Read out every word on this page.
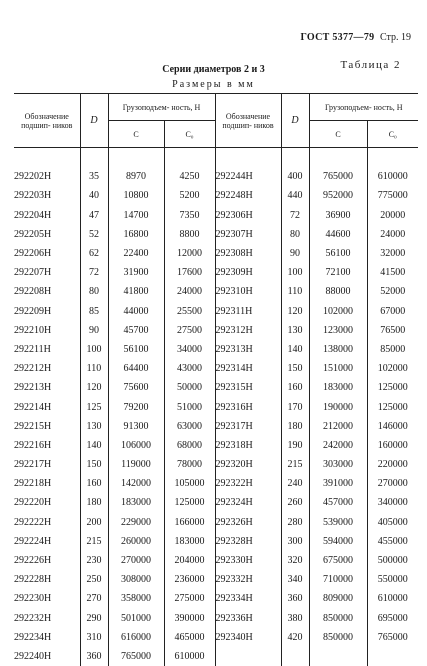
ГОСТ 5377—79 Стр. 19
Таблица 2
Серии диаметров 2 и 3
Размеры в мм
Обозначение подшип- ников	D	Грузоподъем- ность, Н		Обозначение подшип- ников	D	Грузоподъем- ность, Н	
		C	C₀			C	C₀

292202Н	35	8970	4250	292244Н	400	765000	610000
292203Н	40	10800	5200	292248Н	440	952000	775000
292204Н	47	14700	7350	292306Н	72	36900	20000
292205Н	52	16800	8800	292307Н	80	44600	24000
292206Н	62	22400	12000	292308Н	90	56100	32000
292207Н	72	31900	17600	292309Н	100	72100	41500
292208Н	80	41800	24000	292310Н	110	88000	52000
292209Н	85	44000	25500	292311Н	120	102000	67000
292210Н	90	45700	27500	292312Н	130	123000	76500
292211Н	100	56100	34000	292313Н	140	138000	85000
292212Н	110	64400	43000	292314Н	150	151000	102000
292213Н	120	75600	50000	292315Н	160	183000	125000
292214Н	125	79200	51000	292316Н	170	190000	125000
292215Н	130	91300	63000	292317Н	180	212000	146000
292216Н	140	106000	68000	292318Н	190	242000	160000
292217Н	150	119000	78000	292320Н	215	303000	220000
292218Н	160	142000	105000	292322Н	240	391000	270000
292220Н	180	183000	125000	292324Н	260	457000	340000
292222Н	200	229000	166000	292326Н	280	539000	405000
292224Н	215	260000	183000	292328Н	300	594000	455000
292226Н	230	270000	204000	292330Н	320	675000	500000
292228Н	250	308000	236000	292332Н	340	710000	550000
292230Н	270	358000	275000	292334Н	360	809000	610000
292232Н	290	501000	390000	292336Н	380	850000	695000
292234Н	310	616000	465000	292340Н	420	850000	765000
292240Н	360	765000	610000				
